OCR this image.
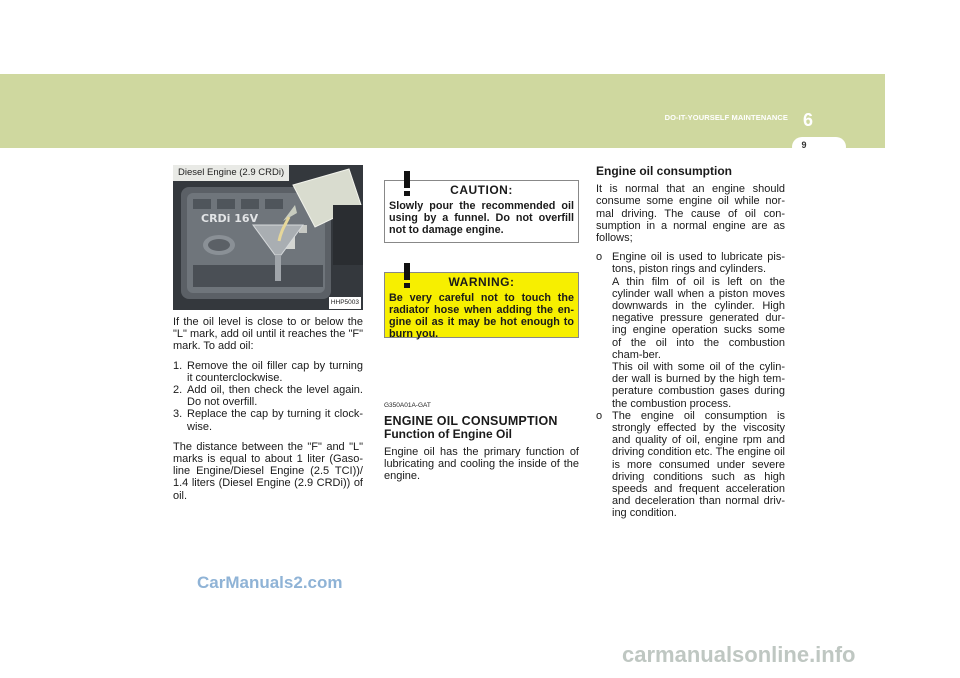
DO-IT-YOURSELF MAINTENANCE 6
9
CRDi 16V
Diesel Engine (2.9 CRDi)
HHP5003

If the oil level is close to or below the "L" mark, add oil until it reaches the "F" mark. To add oil:

1. Remove the oil filler cap by turning it counterclockwise.
2. Add oil, then check the level again. Do not overfill.
3. Replace the cap by turning it clock-wise.

The distance between the "F" and "L" marks is equal to about 1 liter (Gaso-line Engine/Diesel Engine (2.5 TCI))/ 1.4 liters (Diesel Engine (2.9 CRDi)) of oil.

CAUTION:
Slowly pour the recommended oil using by a funnel. Do not overfill not to damage engine.
WARNING:
Be very careful not to touch the radiator hose when adding the en-gine oil as it may be hot enough to burn you.
G350A01A-GAT
ENGINE OIL CONSUMPTION
Function of Engine Oil

Engine oil has the primary function of lubricating and cooling the inside of the engine.

Engine oil consumption

It is normal that an engine should consume some engine oil while nor-mal driving. The cause of oil con-sumption in a normal engine are as follows;

o Engine oil is used to lubricate pis-tons, piston rings and cylinders.

A thin film of oil is left on the cylinder wall when a piston moves downwards in the cylinder. High negative pressure generated dur-ing engine operation sucks some of the oil into the combustion cham-ber.

This oil with some oil of the cylin-der wall is burned by the high tem-perature combustion gases during the combustion process.

o The engine oil consumption is strongly effected by the viscosity and quality of oil, engine rpm and driving condition etc. The engine oil is more consumed under severe driving conditions such as high speeds and frequent acceleration and deceleration than normal driv-ing condition.

CarManuals2.com
carmanualsonline.info
